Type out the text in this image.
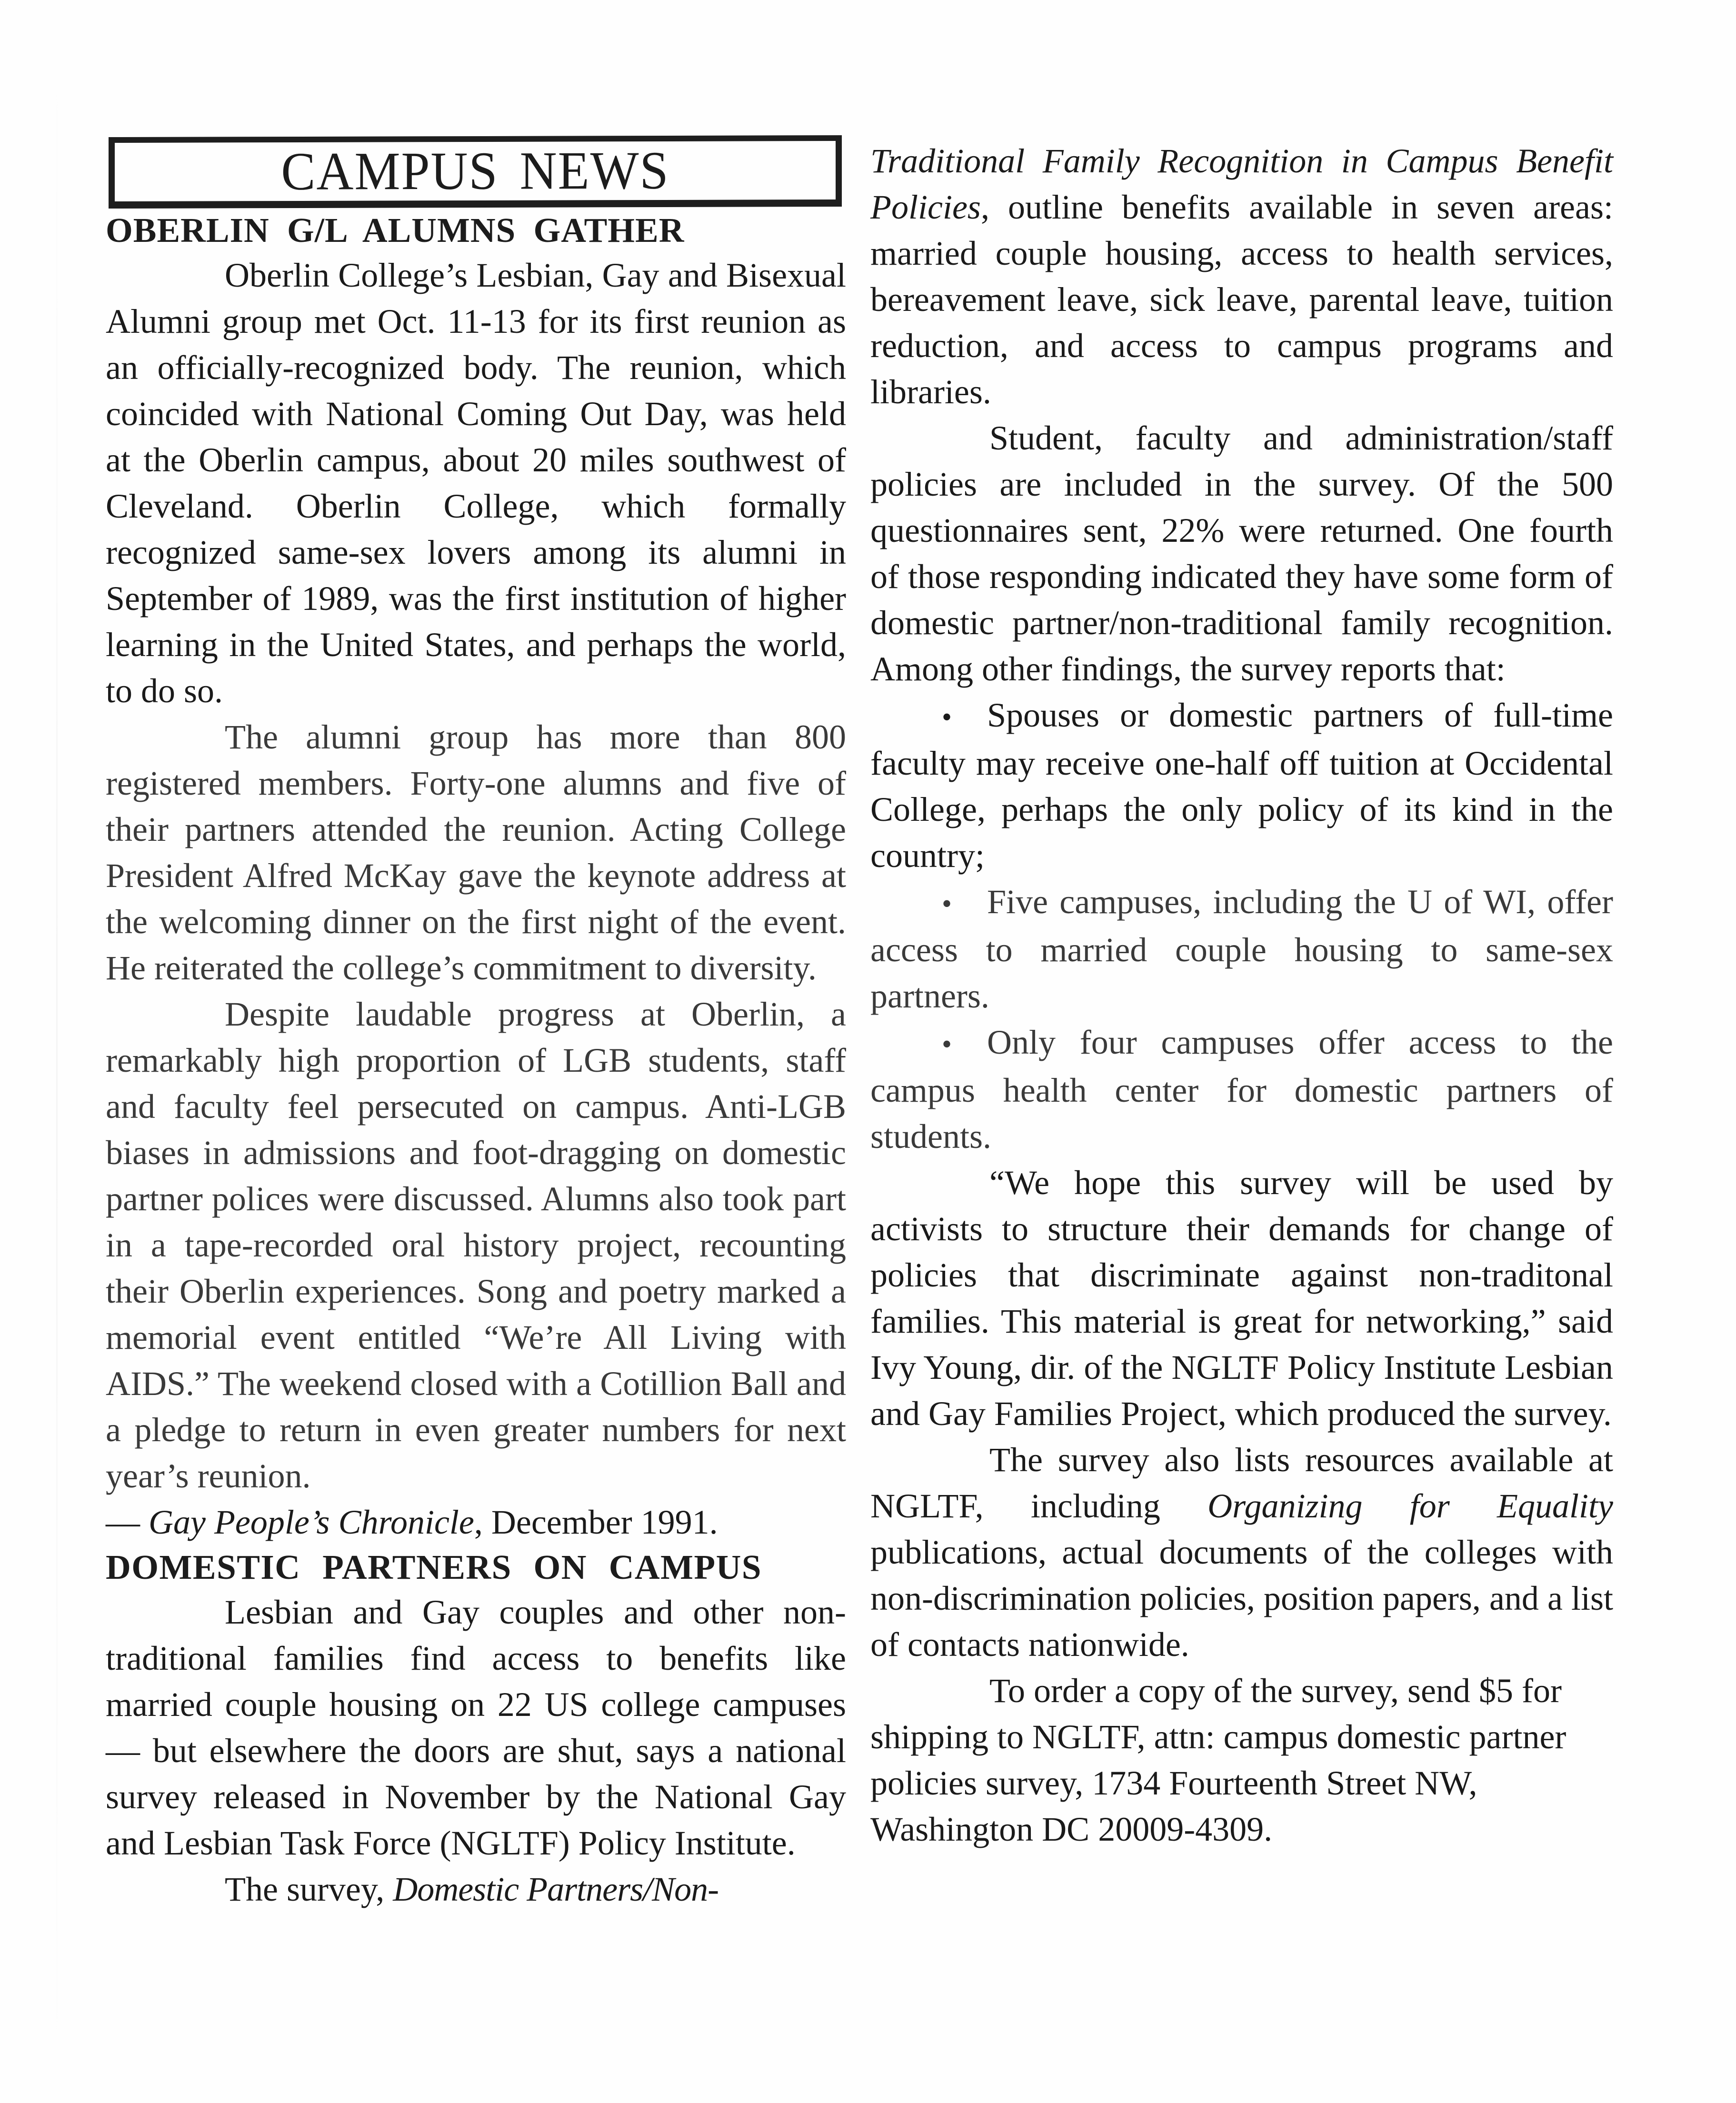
CAMPUS NEWS
OBERLIN G/L ALUMNS GATHER

Oberlin College’s Lesbian, Gay and Bisexual Alumni group met Oct. 11-13 for its first reunion as an officially-recognized body. The reunion, which coincided with National Coming Out Day, was held at the Oberlin campus, about 20 miles southwest of Cleveland. Oberlin College, which formally recognized same-sex lovers among its alumni in September of 1989, was the first institution of higher learning in the United States, and perhaps the world, to do so.

The alumni group has more than 800 registered members. Forty-one alumns and five of their partners attended the reunion. Acting College President Alfred McKay gave the keynote address at the welcoming dinner on the first night of the event. He reiterated the college’s commitment to diversity.

Despite laudable progress at Oberlin, a remarkably high proportion of LGB students, staff and faculty feel persecuted on campus. Anti-LGB biases in admissions and foot-dragging on domestic partner polices were discussed. Alumns also took part in a tape-recorded oral history project, recounting their Oberlin experiences. Song and poetry marked a memorial event entitled “We’re All Living with AIDS.” The weekend closed with a Cotillion Ball and a pledge to return in even greater numbers for next year’s reunion.

— Gay People’s Chronicle, December 1991.

DOMESTIC PARTNERS ON CAMPUS

Lesbian and Gay couples and other non-traditional families find access to benefits like married couple housing on 22 US college campuses — but elsewhere the doors are shut, says a national survey released in November by the National Gay and Lesbian Task Force (NGLTF) Policy Institute.

The survey, Domestic Partners/Non-

Traditional Family Recognition in Campus Benefit Policies, outline benefits available in seven areas: married couple housing, access to health services, bereavement leave, sick leave, parental leave, tuition reduction, and access to campus programs and libraries.

Student, faculty and administration/staff policies are included in the survey. Of the 500 questionnaires sent, 22% were returned. One fourth of those responding indicated they have some form of domestic partner/non-traditional family recognition. Among other findings, the survey reports that:

• Spouses or domestic partners of full-time faculty may receive one-half off tuition at Occidental College, perhaps the only policy of its kind in the country;

• Five campuses, including the U of WI, offer access to married couple housing to same-sex partners.

• Only four campuses offer access to the campus health center for domestic partners of students.

“We hope this survey will be used by activists to structure their demands for change of policies that discriminate against non-traditonal families. This material is great for networking,” said Ivy Young, dir. of the NGLTF Policy Institute Lesbian and Gay Families Project, which produced the survey.

The survey also lists resources available at NGLTF, including Organizing for Equality publications, actual documents of the colleges with non-discrimination policies, position papers, and a list of contacts nationwide.

To order a copy of the survey, send $5 for shipping to NGLTF, attn: campus domestic partner policies survey, 1734 Fourteenth Street NW, Washington DC 20009-4309.
